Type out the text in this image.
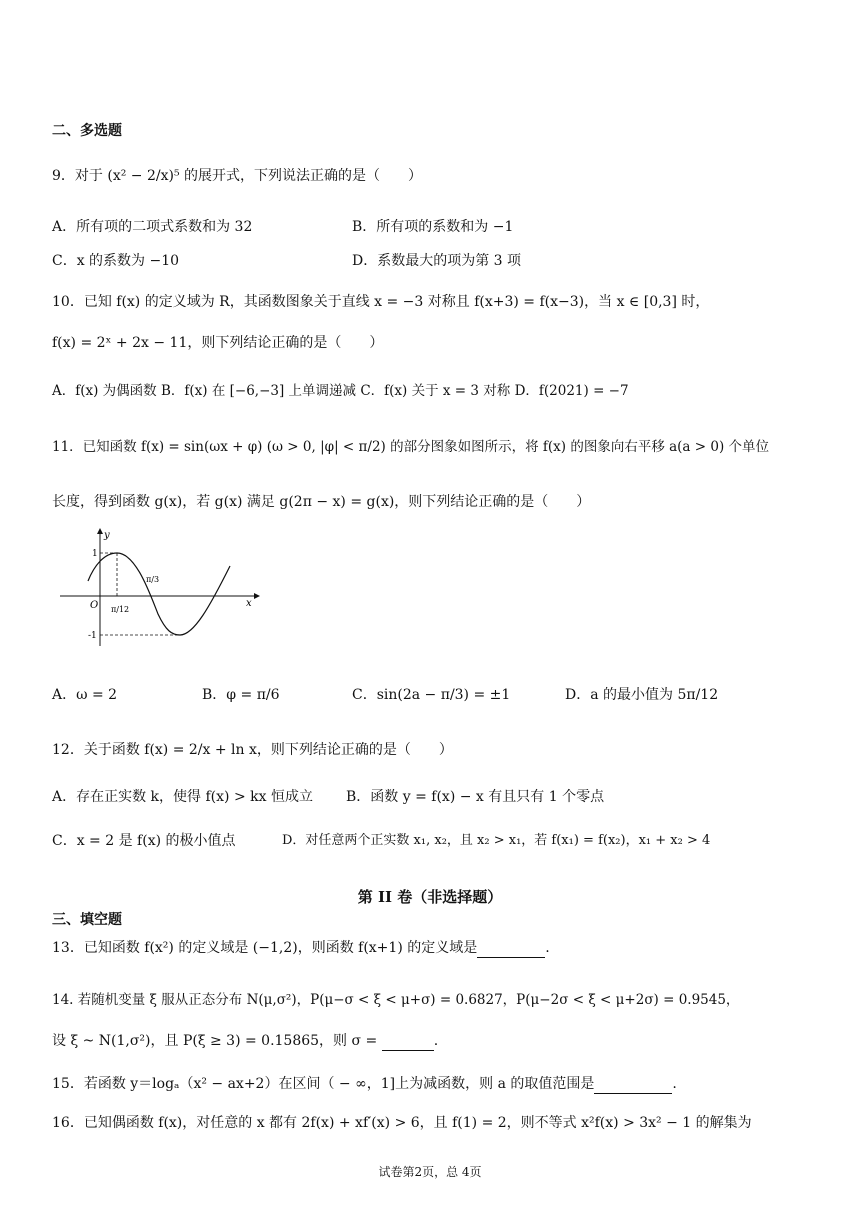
二、多选题
9．对于 (x² − 2/x)⁵ 的展开式，下列说法正确的是（　　）
A．所有项的二项式系数和为 32	B．所有项的系数和为 −1
C．x 的系数为 −10	D．系数最大的项为第 3 项
10．已知 f(x) 的定义域为 R，其函数图象关于直线 x = −3 对称且 f(x+3) = f(x−3)，当 x ∈ [0,3] 时，
f(x) = 2ˣ + 2x − 11，则下列结论正确的是（　　）
A．f(x) 为偶函数 B．f(x) 在 [−6,−3] 上单调递减 C．f(x) 关于 x = 3 对称 D．f(2021) = −7
11．已知函数 f(x) = sin(ωx + φ) (ω > 0, |φ| < π/2) 的部分图象如图所示，将 f(x) 的图象向右平移 a(a > 0) 个单位
长度，得到函数 g(x)，若 g(x) 满足 g(2π − x) = g(x)，则下列结论正确的是（　　）
y
x
O
1
-1
π/12
π/3
A．ω = 2	B．φ = π/6	C．sin(2a − π/3) = ±1	D．a 的最小值为 5π/12
12．关于函数 f(x) = 2/x + ln x，则下列结论正确的是（　　）
A．存在正实数 k，使得 f(x) > kx 恒成立 B．函数 y = f(x) − x 有且只有 1 个零点
C．x = 2 是 f(x) 的极小值点	D．对任意两个正实数 x₁, x₂，且 x₂ > x₁，若 f(x₁) = f(x₂)，x₁ + x₂ > 4
第 II 卷（非选择题）
三、填空题
13．已知函数 f(x²) 的定义域是 (−1,2)，则函数 f(x+1) 的定义域是	.
14. 若随机变量 ξ 服从正态分布 N(μ,σ²)，P(μ−σ < ξ < μ+σ) = 0.6827，P(μ−2σ < ξ < μ+2σ) = 0.9545，
设 ξ ~ N(1,σ²)，且 P(ξ ≥ 3) = 0.15865，则 σ =	.
15．若函数 y＝logₐ（x² − ax+2）在区间（ − ∞，1]上为减函数，则 a 的取值范围是	.
16．已知偶函数 f(x)，对任意的 x 都有 2f(x) + xf′(x) > 6，且 f(1) = 2，则不等式 x²f(x) > 3x² − 1 的解集为
试卷第2页，总 4页
